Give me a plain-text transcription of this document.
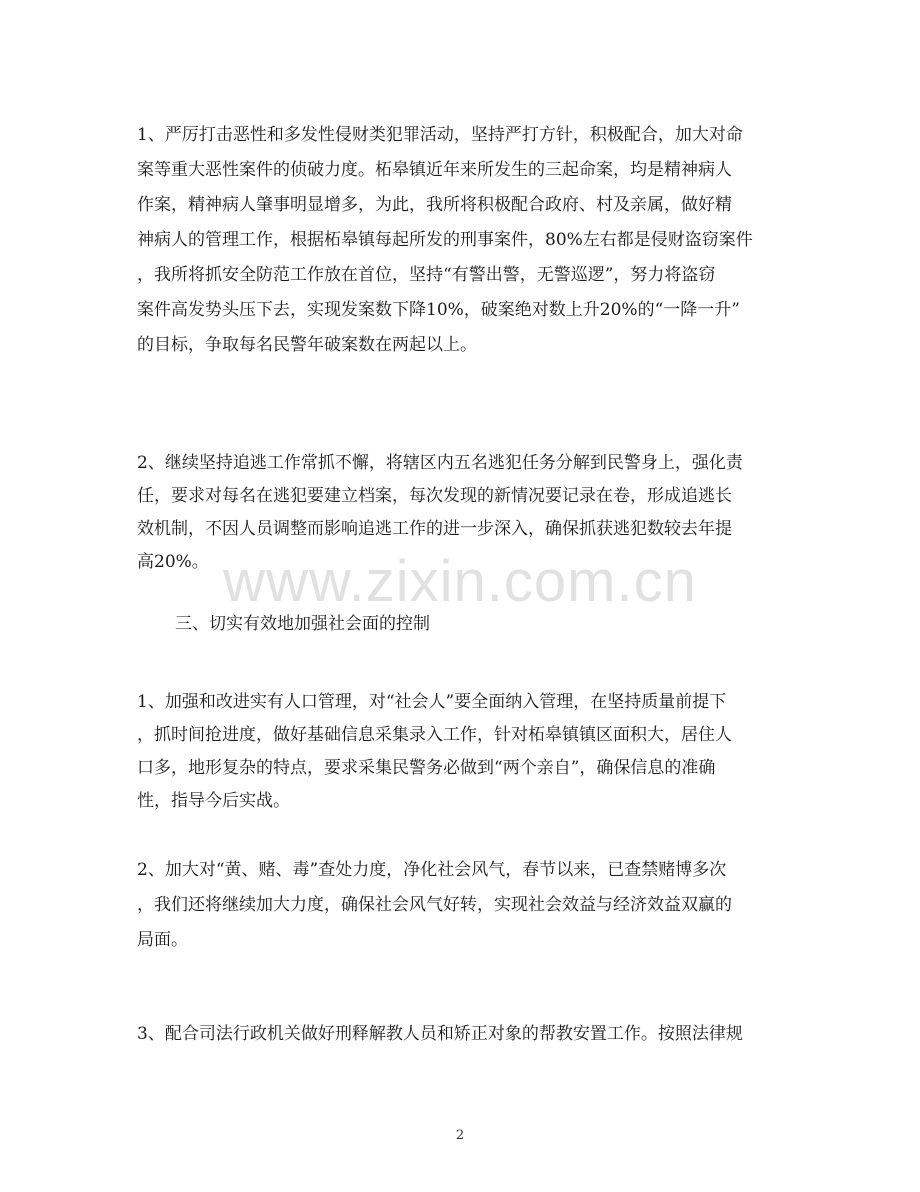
www.zixin.com.cn

1、严厉打击恶性和多发性侵财类犯罪活动，坚持严打方针，积极配合，加大对命
案等重大恶性案件的侦破力度。柘皋镇近年来所发生的三起命案，均是精神病人
作案，精神病人肇事明显增多，为此，我所将积极配合政府、村及亲属，做好精
神病人的管理工作，根据柘皋镇每起所发的刑事案件，80%左右都是侵财盗窃案件
，我所将抓安全防范工作放在首位，坚持“有警出警，无警巡逻”，努力将盗窃
案件高发势头压下去，实现发案数下降10%，破案绝对数上升20%的“一降一升”
的目标，争取每名民警年破案数在两起以上。

2、继续坚持追逃工作常抓不懈，将辖区内五名逃犯任务分解到民警身上，强化责
任，要求对每名在逃犯要建立档案，每次发现的新情况要记录在卷，形成追逃长
效机制，不因人员调整而影响追逃工作的进一步深入，确保抓获逃犯数较去年提
高20%。

三、切实有效地加强社会面的控制

1、加强和改进实有人口管理，对“社会人”要全面纳入管理，在坚持质量前提下
，抓时间抢进度，做好基础信息采集录入工作，针对柘皋镇镇区面积大，居住人
口多，地形复杂的特点，要求采集民警务必做到“两个亲自”，确保信息的准确
性，指导今后实战。

2、加大对“黄、赌、毒”查处力度，净化社会风气，春节以来，已查禁赌博多次
，我们还将继续加大力度，确保社会风气好转，实现社会效益与经济效益双赢的
局面。

3、配合司法行政机关做好刑释解教人员和矫正对象的帮教安置工作。按照法律规

2
